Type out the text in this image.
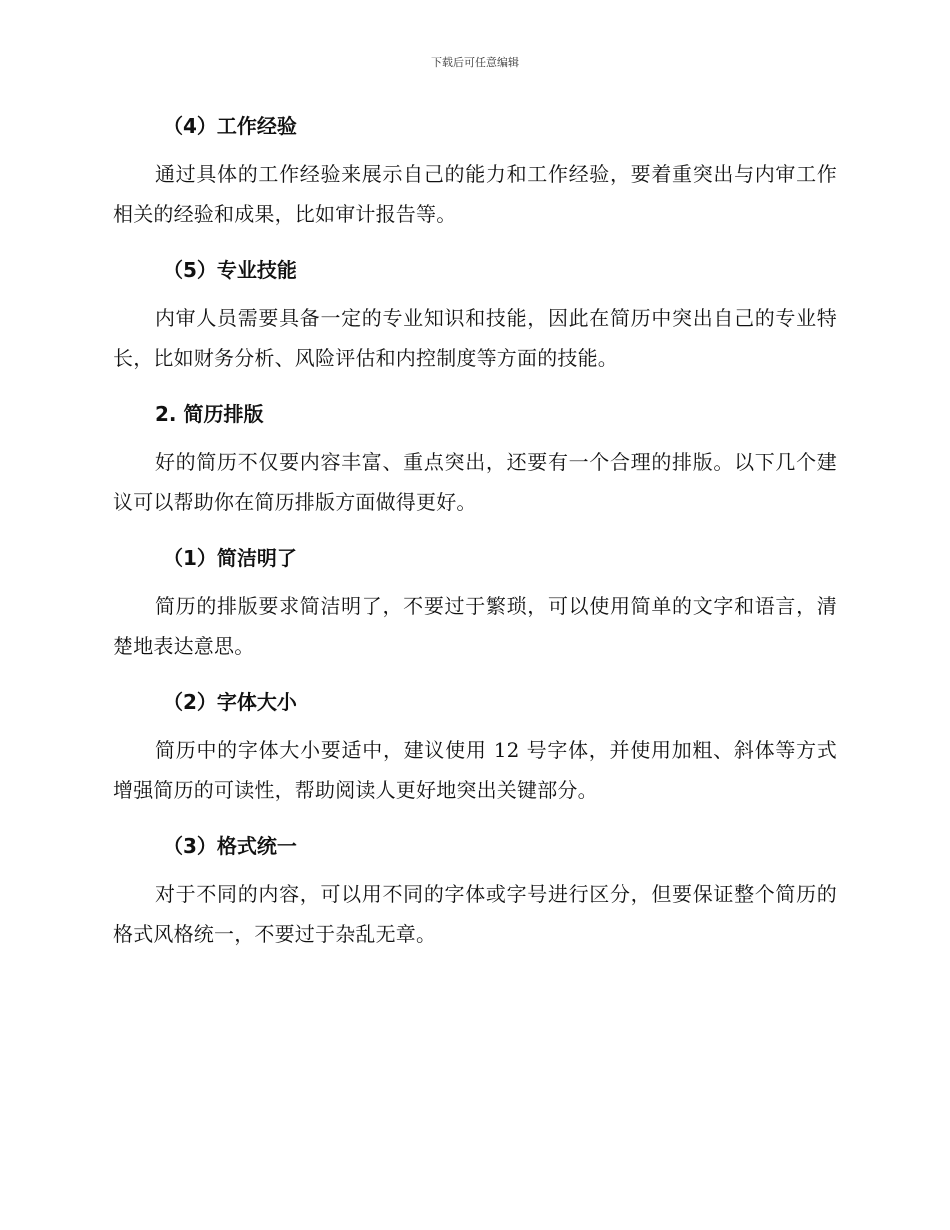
下载后可任意编辑
（4）工作经验

通过具体的工作经验来展示自己的能力和工作经验，要着重突出与内审工作相关的经验和成果，比如审计报告等。

（5）专业技能

内审人员需要具备一定的专业知识和技能，因此在简历中突出自己的专业特长，比如财务分析、风险评估和内控制度等方面的技能。

2. 简历排版

好的简历不仅要内容丰富、重点突出，还要有一个合理的排版。以下几个建议可以帮助你在简历排版方面做得更好。

（1）简洁明了

简历的排版要求简洁明了，不要过于繁琐，可以使用简单的文字和语言，清楚地表达意思。

（2）字体大小

简历中的字体大小要适中，建议使用 12 号字体，并使用加粗、斜体等方式增强简历的可读性，帮助阅读人更好地突出关键部分。

（3）格式统一

对于不同的内容，可以用不同的字体或字号进行区分，但要保证整个简历的格式风格统一，不要过于杂乱无章。
